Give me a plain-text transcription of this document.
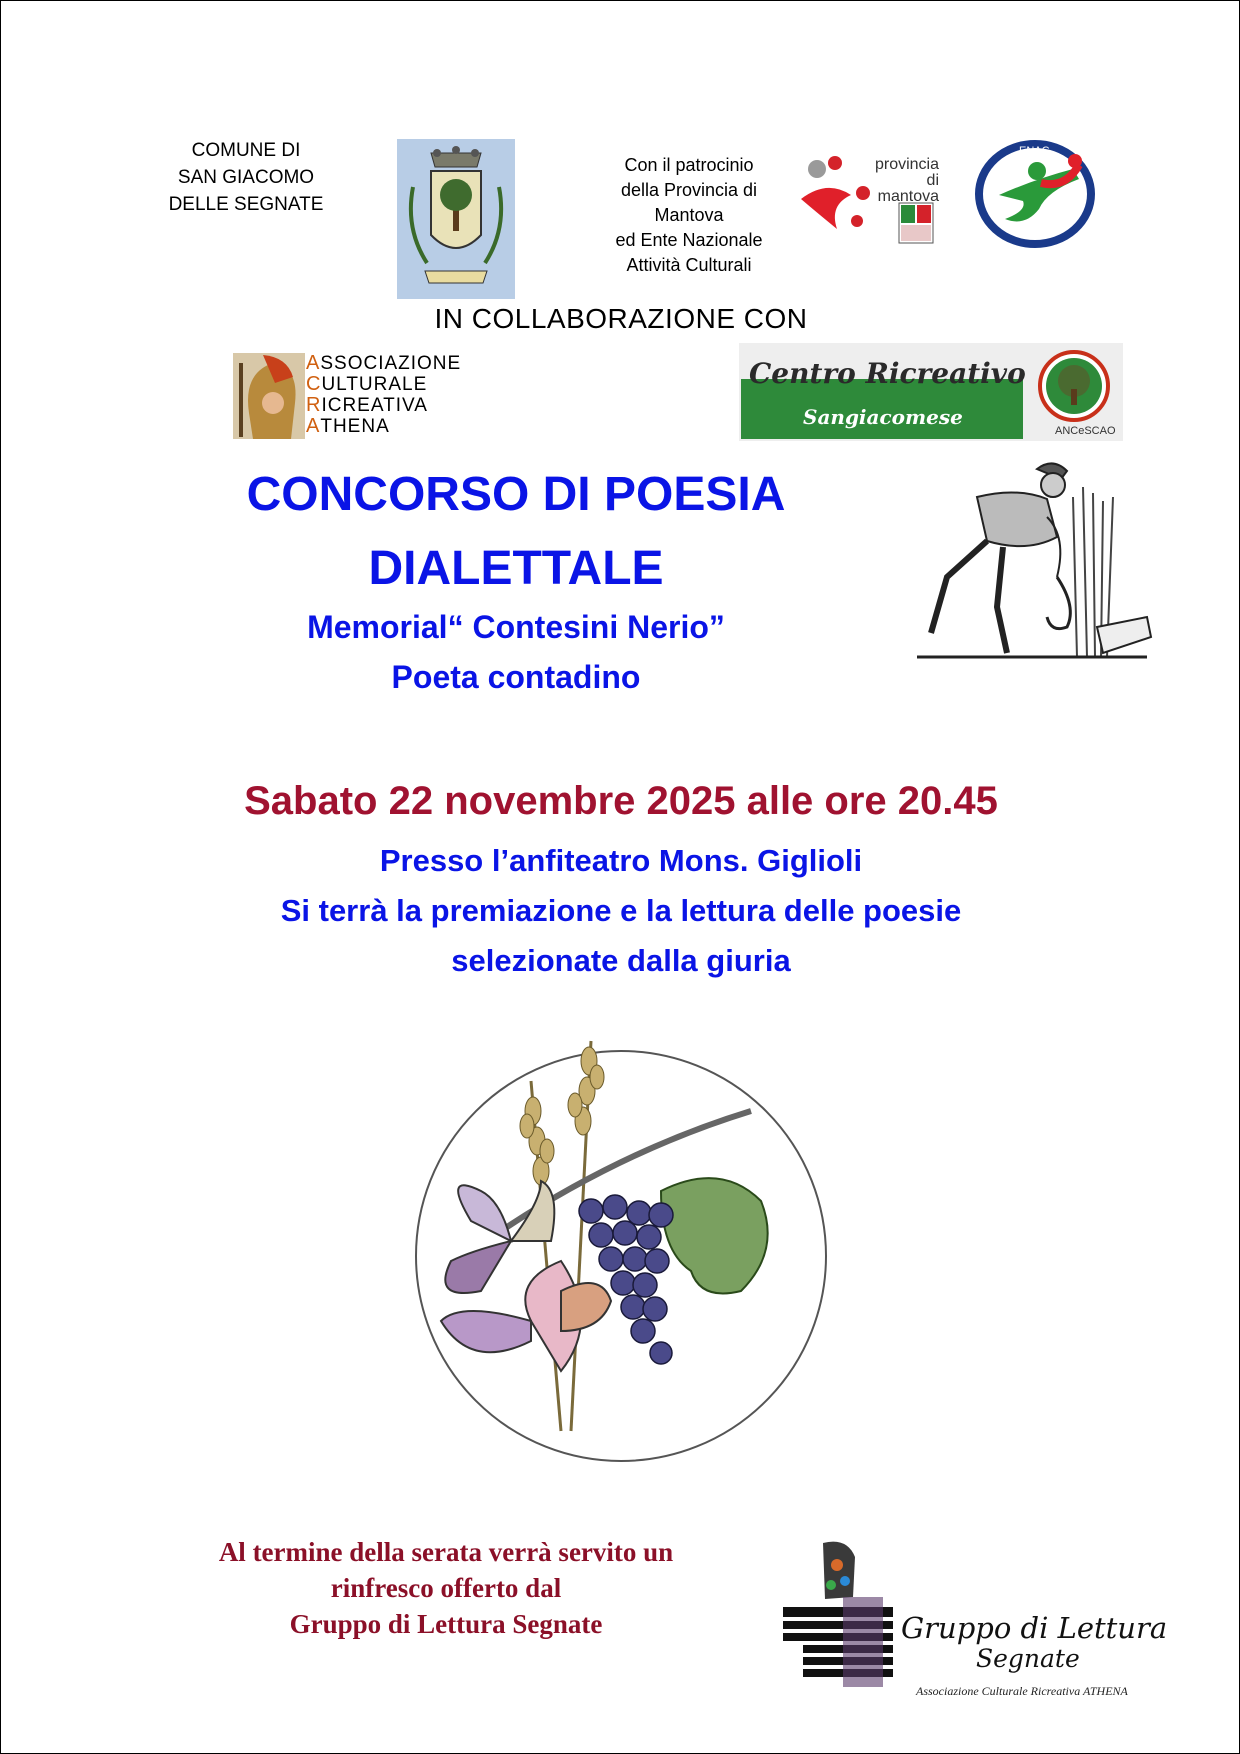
COMUNE DI
SAN GIACOMO
DELLE SEGNATE
Con il patrocinio
della Provincia di
Mantova
ed Ente Nazionale
Attività Culturali
provincia
di mantova
ENAC
IN COLLABORAZIONE CON
ASSOCIAZIONE
CULTURALE
RICREATIVA
ATHENA
Centro Ricreativo
Sangiacomese
ANCeSCAO
CONCORSO DI POESIA
DIALETTALE
Memorial“ Contesini Nerio”
Poeta contadino
Sabato 22 novembre 2025 alle ore 20.45
Presso l’anfiteatro Mons. Giglioli
Si terrà la premiazione e la lettura delle poesie
selezionate dalla giuria
Al termine della serata verrà servito un
rinfresco offerto dal
Gruppo di Lettura Segnate	Gruppo di Lettura
Segnate
Associazione Culturale Ricreativa ATHENA
